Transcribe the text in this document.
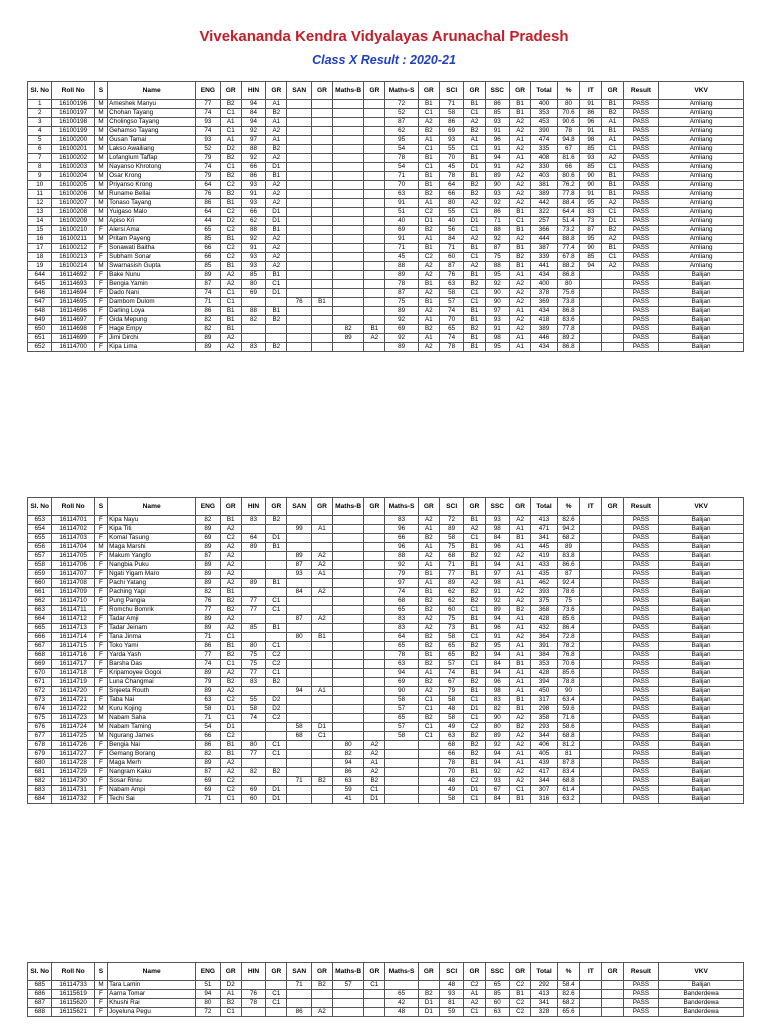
Vivekananda Kendra Vidyalayas Arunachal Pradesh
Class X Result : 2020-21
Sl. No	Roll No	S	Name	ENG	GR	HIN	GR	SAN	GR	Maths-B	GR	Maths-S	GR	SCI	GR	SSC	GR	Total	%	IT	GR	Result	VKV
1	16100196	M	Ameshek Manyu	77	B2	94	A1					72	B1	71	B1	86	B1	400	80	91	B1	PASS	Amliang
2	16100197	M	Chohan Tayang	74	C1	84	B2					52	C1	58	C1	85	B1	353	70.6	86	B2	PASS	Amliang
3	16100198	M	Cholingso Tayang	93	A1	94	A1					87	A2	86	A2	93	A2	453	90.6	96	A1	PASS	Amliang
4	16100199	M	Gehamso Tayang	74	C1	92	A2					62	B2	69	B2	91	A2	390	78	91	B1	PASS	Amliang
5	16100200	M	Gusan Tamai	93	A1	97	A1					95	A1	93	A1	96	A1	474	94.8	98	A1	PASS	Amliang
6	16100201	M	Lakso Awailiang	52	D2	88	B2					54	C1	55	C1	91	A2	335	67	85	C1	PASS	Amliang
7	16100202	M	Lofanglum Taffap	79	B2	92	A2					78	B1	70	B1	94	A1	408	81.6	93	A2	PASS	Amliang
8	16100203	M	Nayanso Khrotong	74	C1	66	D1					54	C1	45	D1	91	A2	330	66	85	C1	PASS	Amliang
9	16100204	M	Osar Krong	79	B2	86	B1					71	B1	78	B1	89	A2	403	80.6	90	B1	PASS	Amliang
10	16100205	M	Priyanso Krong	64	C2	93	A2					70	B1	64	B2	90	A2	381	76.2	90	B1	PASS	Amliang
11	16100206	M	Runame Bellai	76	B2	91	A2					63	B2	66	B2	93	A2	389	77.8	91	B1	PASS	Amliang
12	16100207	M	Tonaso Tayang	86	B1	93	A2					91	A1	80	A2	92	A2	442	88.4	95	A2	PASS	Amliang
13	16100208	M	Yuigaso Malo	64	C2	66	D1					51	C2	55	C1	86	B1	322	64.4	83	C1	PASS	Amliang
14	16100209	M	Apiso Kri	44	D2	62	D1					40	D1	40	D1	71	C1	257	51.4	73	D1	PASS	Amliang
15	16100210	F	Alersi Ama	65	C2	88	B1					69	B2	56	C1	88	B1	366	73.2	87	B2	PASS	Amliang
16	16100211	M	Pritam Payeng	85	B1	92	A2					91	A1	84	A2	92	A2	444	88.8	95	A2	PASS	Amliang
17	16100212	F	Sonawati Baitha	66	C2	91	A2					71	B1	71	B1	87	B1	387	77.4	90	B1	PASS	Amliang
18	16100213	F	Subham Sonar	66	C2	93	A2					45	C2	60	C1	75	B2	339	67.8	85	C1	PASS	Amliang
19	16100214	M	Swarnasish Gupta	85	B1	93	A2					88	A2	87	A2	88	B1	441	88.2	94	A2	PASS	Amliang
644	16114692	F	Bake Nunu	89	A2	85	B1					89	A2	76	B1	95	A1	434	86.8			PASS	Balijan
645	16114693	F	Bengia Yamin	87	A2	80	C1					78	B1	63	B2	92	A2	400	80			PASS	Balijan
646	16114694	F	Dado Nani	74	C1	69	D1					87	A2	58	C1	90	A2	378	75.6			PASS	Balijan
647	16114695	F	Dambom Dulom	71	C1			76	B1			75	B1	57	C1	90	A2	369	73.8			PASS	Balijan
648	16114696	F	Darling Loya	86	B1	88	B1					89	A2	74	B1	97	A1	434	86.8			PASS	Balijan
649	16114697	F	Gida Mepung	82	B1	82	B2					92	A1	70	B1	93	A2	418	83.6			PASS	Balijan
650	16114698	F	Hage Empy	82	B1					82	B1	69	B2	65	B2	91	A2	389	77.8			PASS	Balijan
651	16114699	F	Jimi Dirchi	89	A2					89	A2	92	A1	74	B1	98	A1	446	89.2			PASS	Balijan
652	16114700	F	Kipa Lima	89	A2	83	B2					89	A2	78	B1	95	A1	434	86.8			PASS	Balijan
Sl. No	Roll No	S	Name	ENG	GR	HIN	GR	SAN	GR	Maths-B	GR	Maths-S	GR	SCI	GR	SSC	GR	Total	%	IT	GR	Result	VKV
653	16114701	F	Kipa Nayu	82	B1	83	B2					83	A2	72	B1	93	A2	413	82.6			PASS	Balijan
654	16114702	F	Kipa Titi	89	A2			99	A1			96	A1	89	A2	98	A1	471	94.2			PASS	Balijan
655	16114703	F	Komal Tasung	69	C2	64	D1					66	B2	58	C1	84	B1	341	68.2			PASS	Balijan
656	16114704	M	Maga Marshi	89	A2	89	B1					96	A1	75	B1	96	A1	445	89			PASS	Balijan
657	16114705	F	Makum Yangfo	87	A2			89	A2			88	A2	68	B2	92	A2	419	83.8			PASS	Balijan
658	16114706	F	Nangbia Puku	89	A2			87	A2			92	A1	71	B1	94	A1	433	86.6			PASS	Balijan
659	16114707	F	Ngati Yigam Maro	89	A2			93	A1			79	B1	77	B1	97	A1	435	87			PASS	Balijan
660	16114708	F	Pachi Yatang	89	A2	89	B1					97	A1	89	A2	98	A1	462	92.4			PASS	Balijan
661	16114709	F	Paching Yapi	82	B1			84	A2			74	B1	62	B2	91	A2	393	78.6			PASS	Balijan
662	16114710	F	Pung Pangia	76	B2	77	C1					68	B2	62	B2	92	A2	375	75			PASS	Balijan
663	16114711	F	Romchu Bomrik	77	B2	77	C1					65	B2	60	C1	89	B2	368	73.6			PASS	Balijan
664	16114712	F	Tadar Amji	89	A2			87	A2			83	A2	75	B1	94	A1	428	85.6			PASS	Balijan
665	16114713	F	Tadar Jeinam	89	A2	85	B1					83	A2	73	B1	96	A1	432	86.4			PASS	Balijan
666	16114714	F	Tana Jinma	71	C1			80	B1			64	B2	58	C1	91	A2	364	72.8			PASS	Balijan
667	16114715	F	Toko Yami	86	B1	80	C1					65	B2	65	B2	95	A1	391	78.2			PASS	Balijan
668	16114716	F	Yarda Yash	77	B2	75	C2					78	B1	65	B2	94	A1	384	76.8			PASS	Balijan
669	16114717	F	Barsha Das	74	C1	75	C2					63	B2	57	C1	84	B1	353	70.6			PASS	Balijan
670	16114718	F	Kripamoyee Gogoi	89	A2	77	C1					94	A1	74	B1	94	A1	428	85.6			PASS	Balijan
671	16114719	F	Luna Changmai	79	B2	83	B2					69	B2	67	B2	96	A1	394	78.8			PASS	Balijan
672	16114720	F	Snjeeta Routh	89	A2			94	A1			90	A2	79	B1	98	A1	450	90			PASS	Balijan
673	16114721	F	Taba Nai	63	C2	55	D2					58	C1	58	C1	83	B1	317	63.4			PASS	Balijan
674	16114722	M	Kuru Kojing	58	D1	58	D2					57	C1	48	D1	82	B1	298	59.6			PASS	Balijan
675	16114723	M	Nabam Saha	71	C1	74	C2					65	B2	58	C1	90	A2	358	71.6			PASS	Balijan
676	16114724	M	Nabam Taming	54	D1			58	D1			57	C1	49	C2	80	B2	293	58.6			PASS	Balijan
677	16114725	M	Ngurang James	66	C2			68	C1			58	C1	63	B2	89	A2	344	68.8			PASS	Balijan
678	16114726	F	Bengia Nai	86	B1	80	C1			80	A2			68	B2	92	A2	406	81.2			PASS	Balijan
679	16114727	F	Gemang Borang	82	B1	77	C1			82	A2			66	B2	94	A1	405	81			PASS	Balijan
680	16114728	F	Maga Merh	89	A2					94	A1			78	B1	94	A1	439	87.8			PASS	Balijan
681	16114729	F	Nangram Kaku	87	A2	82	B2			86	A2			70	B1	92	A2	417	83.4			PASS	Balijan
682	16114730	F	Sosar Riniu	69	C2			71	B2	63	B2			48	C2	93	A2	344	68.8			PASS	Balijan
683	16114731	F	Nabam Ampi	69	C2	69	D1			59	C1			49	D1	67	C1	307	61.4			PASS	Balijan
684	16114732	F	Techi Sai	71	C1	60	D1			41	D1			58	C1	84	B1	316	63.2			PASS	Balijan
Sl. No	Roll No	S	Name	ENG	GR	HIN	GR	SAN	GR	Maths-B	GR	Maths-S	GR	SCI	GR	SSC	GR	Total	%	IT	GR	Result	VKV
685	16114733	M	Tara Lamin	51	D2			71	B2	57	C1			48	C2	65	C2	292	58.4			PASS	Balijan
686	16115619	F	Aarna Tomar	94	A1	76	C1					65	B2	93	A1	85	B1	413	82.6			PASS	Banderdewa
687	16115620	F	Khushi Rai	80	B2	78	C1					42	D1	81	A2	60	C2	341	68.2			PASS	Banderdewa
688	16115621	F	Joyeluna Pegu	72	C1			86	A2			48	D1	59	C1	63	C2	328	65.6			PASS	Banderdewa
